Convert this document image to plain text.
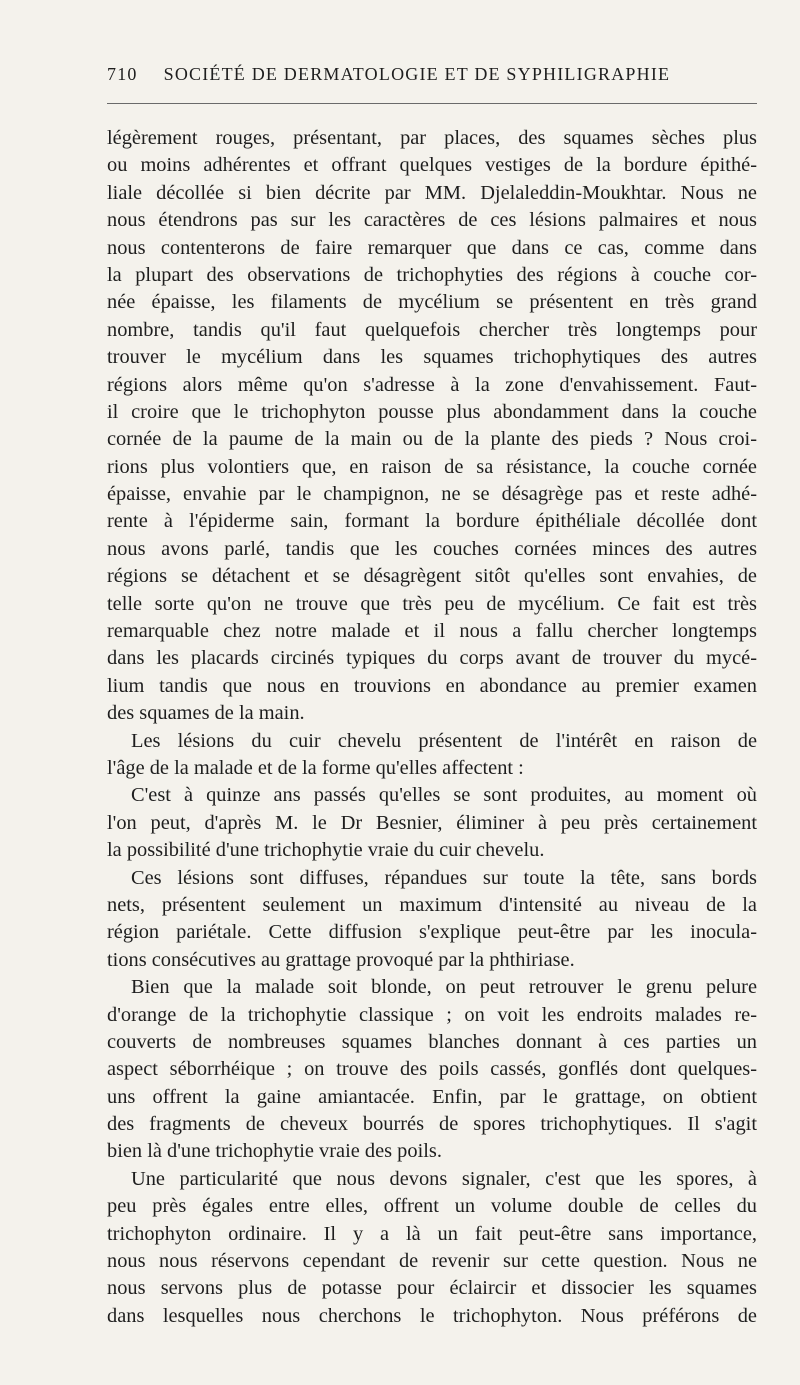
710 SOCIÉTÉ DE DERMATOLOGIE ET DE SYPHILIGRAPHIE
légèrement rouges, présentant, par places, des squames sèches plus
ou moins adhérentes et offrant quelques vestiges de la bordure épithé-
liale décollée si bien décrite par MM. Djelaleddin-Moukhtar. Nous ne
nous étendrons pas sur les caractères de ces lésions palmaires et nous
nous contenterons de faire remarquer que dans ce cas, comme dans
la plupart des observations de trichophyties des régions à couche cor-
née épaisse, les filaments de mycélium se présentent en très grand
nombre, tandis qu'il faut quelquefois chercher très longtemps pour
trouver le mycélium dans les squames trichophytiques des autres
régions alors même qu'on s'adresse à la zone d'envahissement. Faut-
il croire que le trichophyton pousse plus abondamment dans la couche
cornée de la paume de la main ou de la plante des pieds ? Nous croi-
rions plus volontiers que, en raison de sa résistance, la couche cornée
épaisse, envahie par le champignon, ne se désagrège pas et reste adhé-
rente à l'épiderme sain, formant la bordure épithéliale décollée dont
nous avons parlé, tandis que les couches cornées minces des autres
régions se détachent et se désagrègent sitôt qu'elles sont envahies, de
telle sorte qu'on ne trouve que très peu de mycélium. Ce fait est très
remarquable chez notre malade et il nous a fallu chercher longtemps
dans les placards circinés typiques du corps avant de trouver du mycé-
lium tandis que nous en trouvions en abondance au premier examen
des squames de la main.
Les lésions du cuir chevelu présentent de l'intérêt en raison de
l'âge de la malade et de la forme qu'elles affectent :
C'est à quinze ans passés qu'elles se sont produites, au moment où
l'on peut, d'après M. le Dr Besnier, éliminer à peu près certainement
la possibilité d'une trichophytie vraie du cuir chevelu.
Ces lésions sont diffuses, répandues sur toute la tête, sans bords
nets, présentent seulement un maximum d'intensité au niveau de la
région pariétale. Cette diffusion s'explique peut-être par les inocula-
tions consécutives au grattage provoqué par la phthiriase.
Bien que la malade soit blonde, on peut retrouver le grenu pelure
d'orange de la trichophytie classique ; on voit les endroits malades re-
couverts de nombreuses squames blanches donnant à ces parties un
aspect séborrhéique ; on trouve des poils cassés, gonflés dont quelques-
uns offrent la gaine amiantacée. Enfin, par le grattage, on obtient
des fragments de cheveux bourrés de spores trichophytiques. Il s'agit
bien là d'une trichophytie vraie des poils.
Une particularité que nous devons signaler, c'est que les spores, à
peu près égales entre elles, offrent un volume double de celles du
trichophyton ordinaire. Il y a là un fait peut-être sans importance,
nous nous réservons cependant de revenir sur cette question. Nous ne
nous servons plus de potasse pour éclaircir et dissocier les squames
dans lesquelles nous cherchons le trichophyton. Nous préférons de
